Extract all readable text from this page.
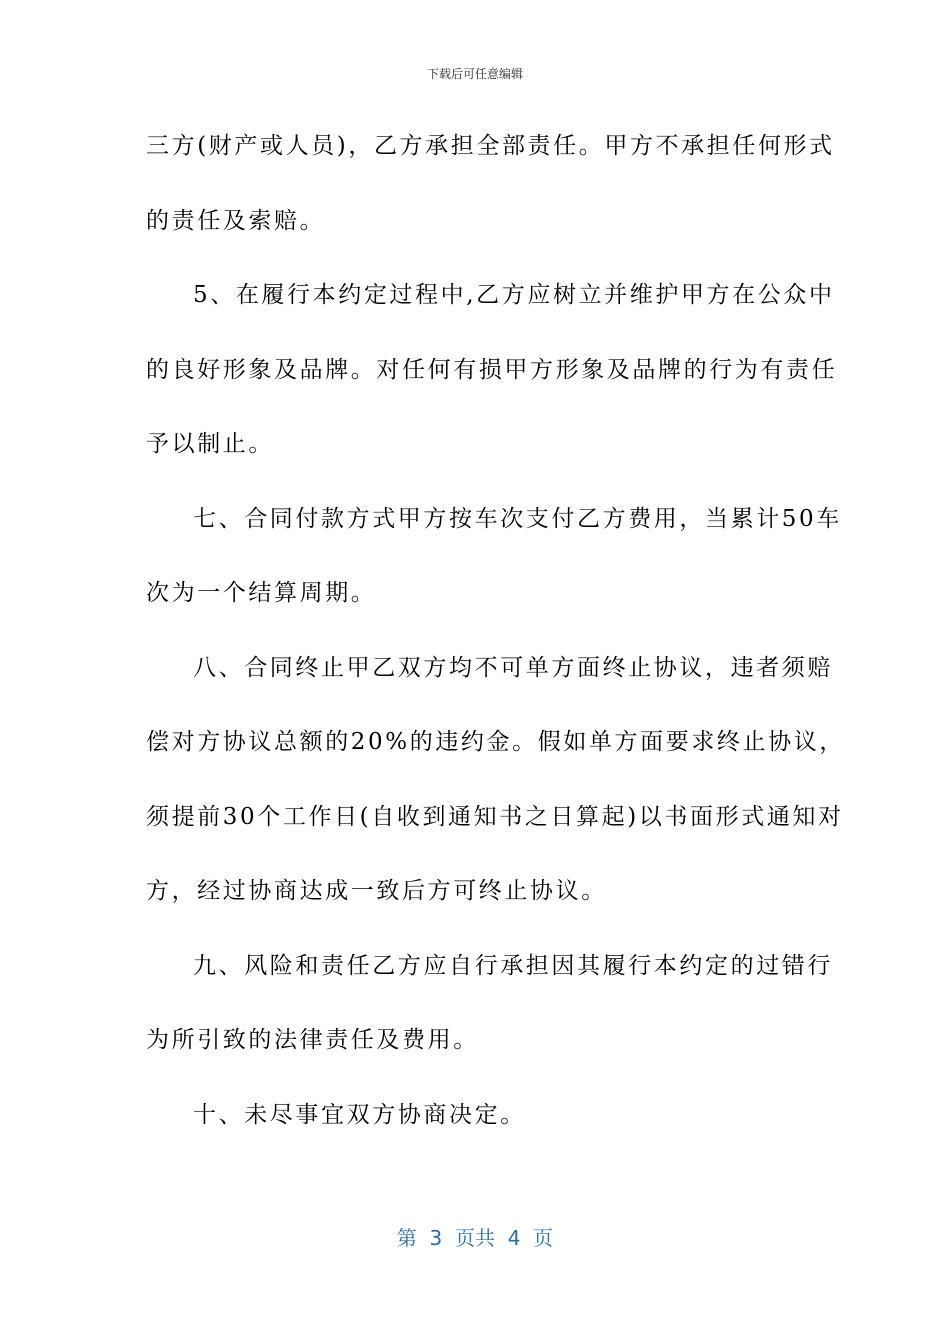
下载后可任意编辑
三方(财产或人员)，乙方承担全部责任。甲方不承担任何形式
的责任及索赔。
5、在履行本约定过程中,乙方应树立并维护甲方在公众中
的良好形象及品牌。对任何有损甲方形象及品牌的行为有责任
予以制止。
七、合同付款方式甲方按车次支付乙方费用，当累计50车
次为一个结算周期。
八、合同终止甲乙双方均不可单方面终止协议，违者须赔
偿对方协议总额的20%的违约金。假如单方面要求终止协议，
须提前30个工作日(自收到通知书之日算起)以书面形式通知对
方，经过协商达成一致后方可终止协议。
九、风险和责任乙方应自行承担因其履行本约定的过错行
为所引致的法律责任及费用。
十、未尽事宜双方协商决定。
第  3  页共  4  页
